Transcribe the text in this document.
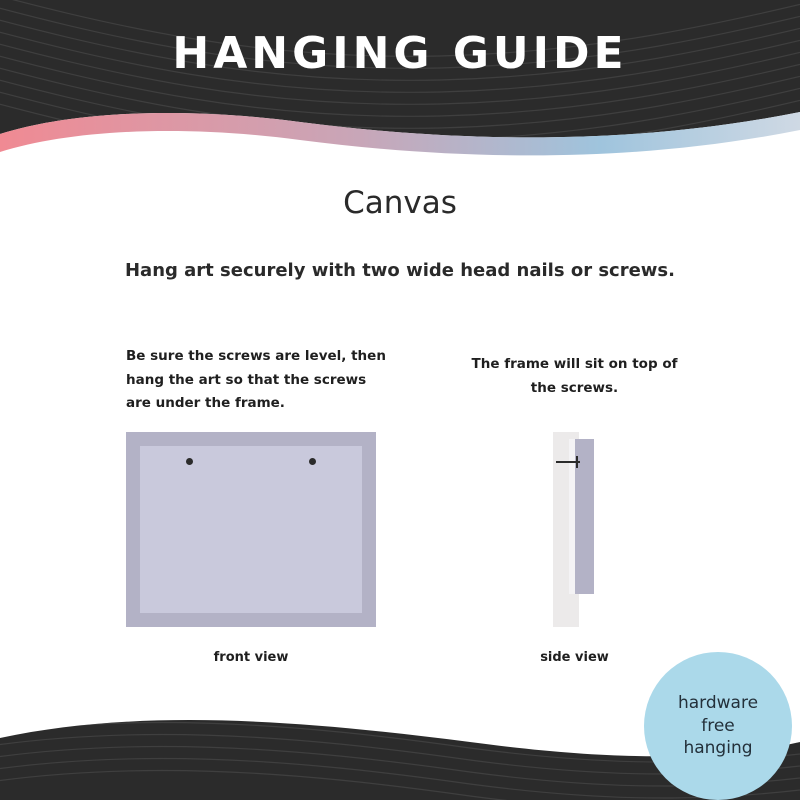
HANGING GUIDE
Canvas
Hang art securely with two wide head nails or screws.
Be sure the screws are level, then hang the art so that the screws are under the frame.
front view
The frame will sit on top of the screws.
side view
hardware
free
hanging
